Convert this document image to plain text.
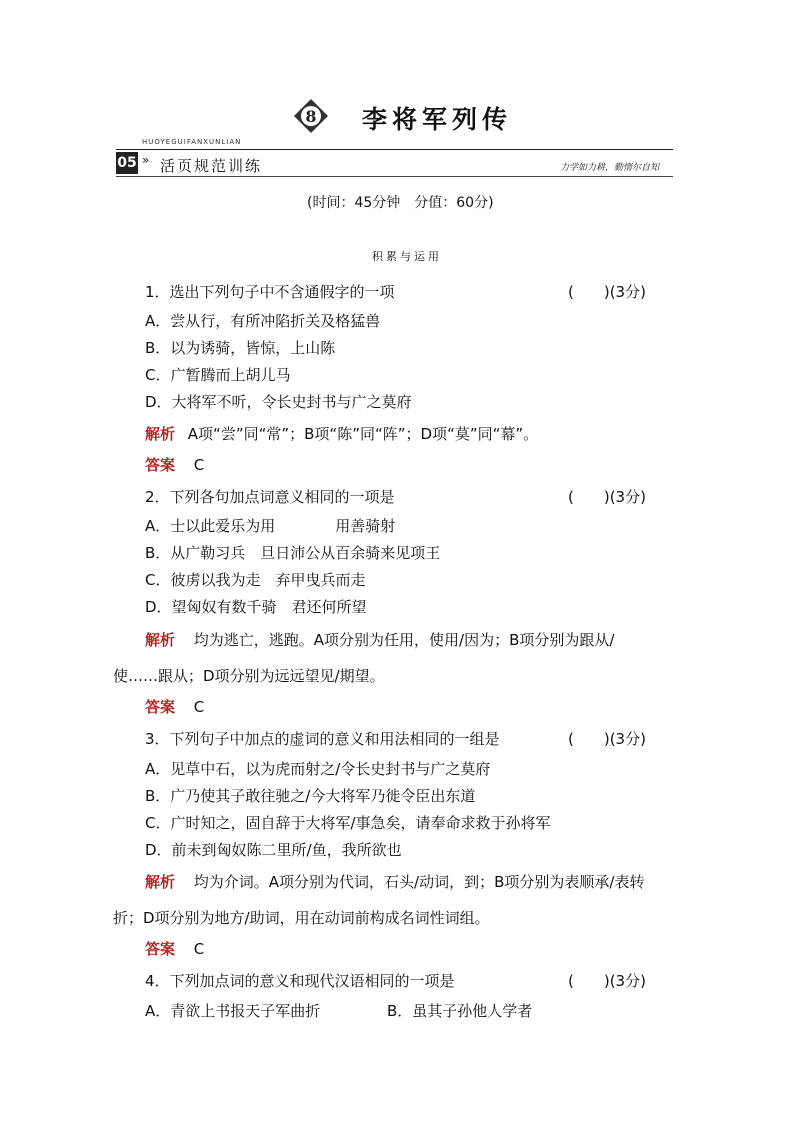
8 李将军列传
HUOYEGUIFANXUNLIAN
05 » 活页规范训练	力学如力耕，勤惰尔自知
(时间：45分钟　分值：60分)
积累与运用
1．选出下列句子中不含通假字的一项	(　　)(3分)
A．尝从行，有所冲陷折关及格猛兽
B．以为诱骑，皆惊，上山陈
C．广暂腾而上胡儿马
D．大将军不听，令长史封书与广之莫府
解析 A项“尝”同“常”；B项“陈”同“阵”；D项“莫”同“幕”。
答案 C
2．下列各句加点词意义相同的一项是	(　　)(3分)
A．士以此爱乐为用　　　　用善骑射
B．从广勒习兵　旦日沛公从百余骑来见项王
C．彼虏以我为走　弃甲曳兵而走
D．望匈奴有数千骑　君还何所望
解析 均为逃亡，逃跑。A项分别为任用，使用/因为；B项分别为跟从/
使……跟从；D项分别为远远望见/期望。
答案 C
3．下列句子中加点的虚词的意义和用法相同的一组是	(　　)(3分)
A．见草中石，以为虎而射之/令长史封书与广之莫府
B．广乃使其子敢往驰之/今大将军乃徙令臣出东道
C．广时知之，固自辞于大将军/事急矣，请奉命求救于孙将军
D．前未到匈奴陈二里所/鱼，我所欲也
解析 均为介词。A项分别为代词，石头/动词，到；B项分别为表顺承/表转
折；D项分别为地方/助词，用在动词前构成名词性词组。
答案 C
4．下列加点词的意义和现代汉语相同的一项是	(　　)(3分)
A．青欲上书报天子军曲折	B．虽其子孙他人学者
